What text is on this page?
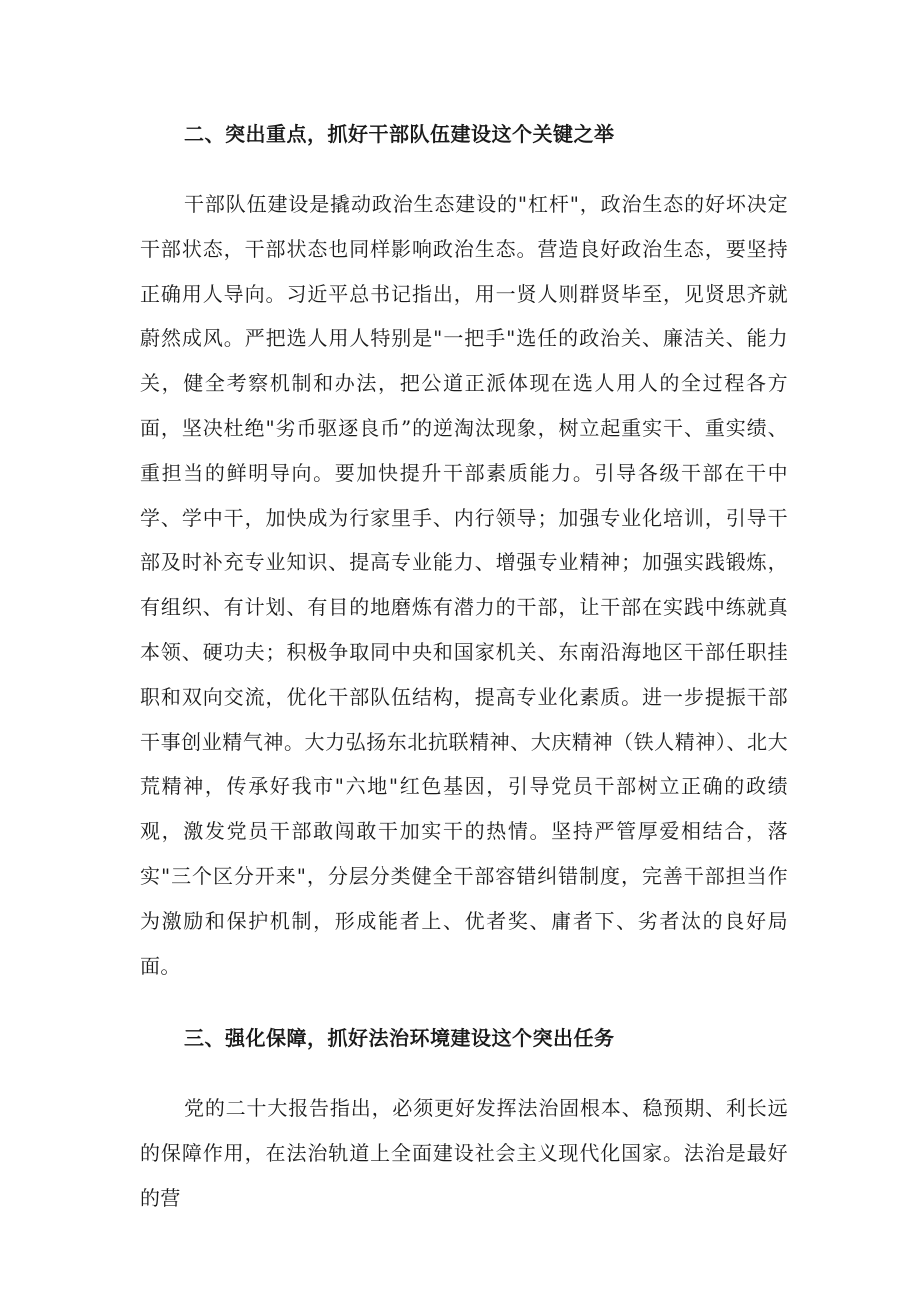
二、突出重点，抓好干部队伍建设这个关键之举

干部队伍建设是撬动政治生态建设的"杠杆"，政治生态的好坏决定干部状态，干部状态也同样影响政治生态。营造良好政治生态，要坚持正确用人导向。习近平总书记指出，用一贤人则群贤毕至，见贤思齐就蔚然成风。严把选人用人特别是"一把手"选任的政治关、廉洁关、能力关，健全考察机制和办法，把公道正派体现在选人用人的全过程各方面，坚决杜绝"劣币驱逐良币”的逆淘汰现象，树立起重实干、重实绩、重担当的鲜明导向。要加快提升干部素质能力。引导各级干部在干中学、学中干，加快成为行家里手、内行领导；加强专业化培训，引导干部及时补充专业知识、提高专业能力、增强专业精神；加强实践锻炼，有组织、有计划、有目的地磨炼有潜力的干部，让干部在实践中练就真本领、硬功夫；积极争取同中央和国家机关、东南沿海地区干部任职挂职和双向交流，优化干部队伍结构，提高专业化素质。进一步提振干部干事创业精气神。大力弘扬东北抗联精神、大庆精神（铁人精神）、北大荒精神，传承好我市"六地"红色基因，引导党员干部树立正确的政绩观，激发党员干部敢闯敢干加实干的热情。坚持严管厚爱相结合，落实"三个区分开来"，分层分类健全干部容错纠错制度，完善干部担当作为激励和保护机制，形成能者上、优者奖、庸者下、劣者汰的良好局面。

三、强化保障，抓好法治环境建设这个突出任务

党的二十大报告指出，必须更好发挥法治固根本、稳预期、利长远的保障作用，在法治轨道上全面建设社会主义现代化国家。法治是最好的营
